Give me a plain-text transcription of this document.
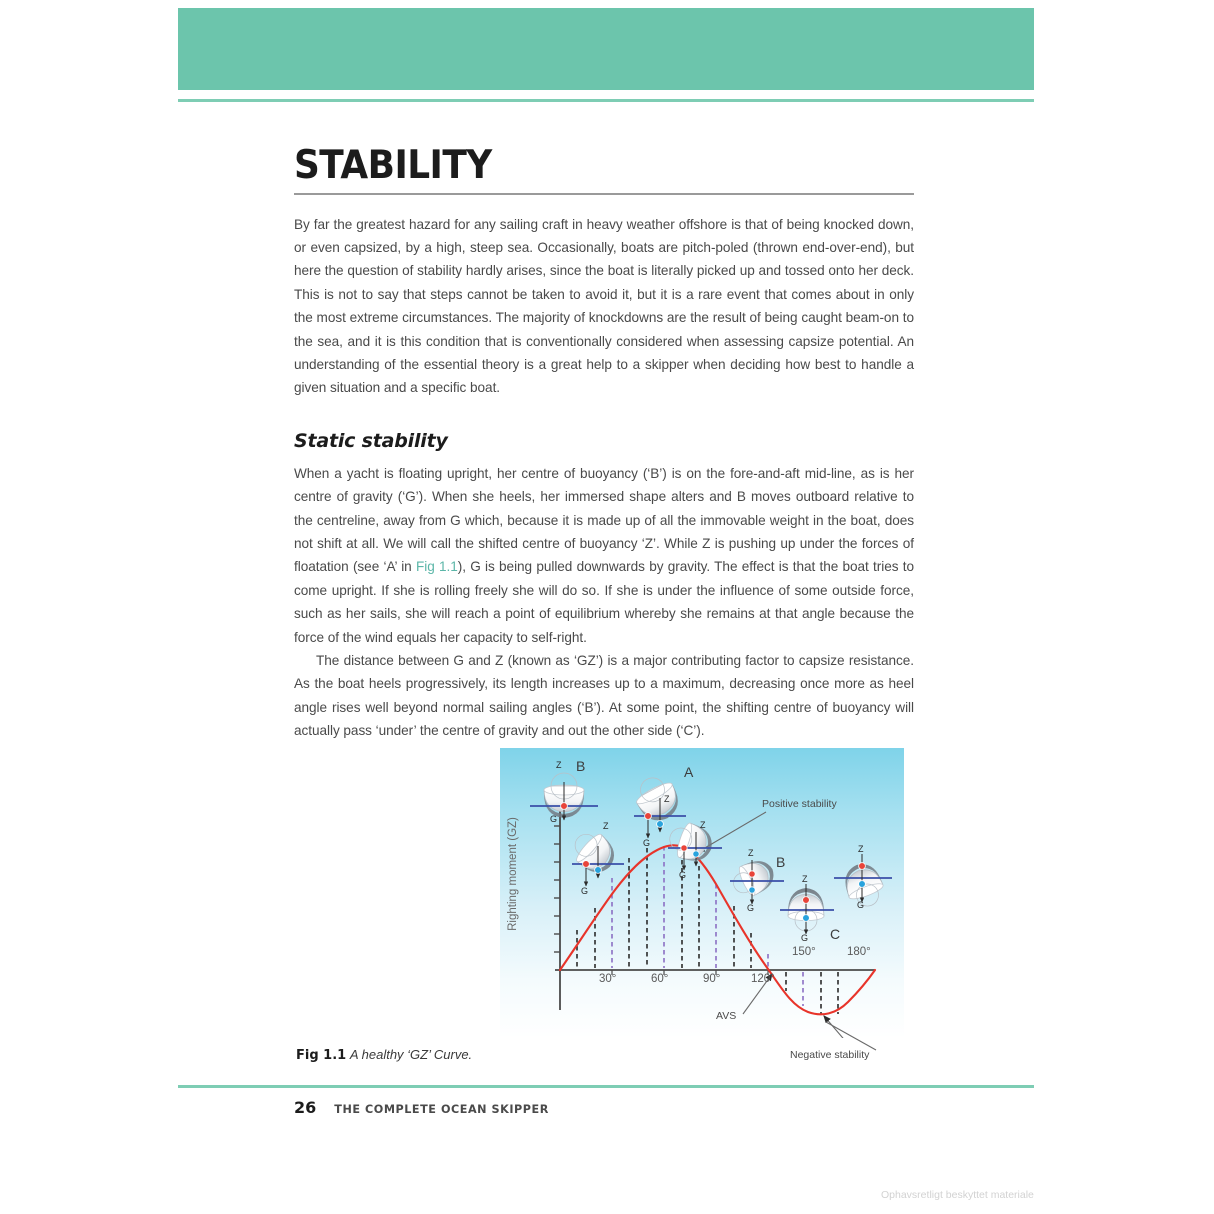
STABILITY

By far the greatest hazard for any sailing craft in heavy weather offshore is that of being knocked down, or even capsized, by a high, steep sea. Occasionally, boats are pitch-poled (thrown end-over-end), but here the question of stability hardly arises, since the boat is literally picked up and tossed onto her deck. This is not to say that steps cannot be taken to avoid it, but it is a rare event that comes about in only the most extreme circumstances. The majority of knockdowns are the result of being caught beam-on to the sea, and it is this condition that is conventionally considered when assessing capsize potential. An understanding of the essential theory is a great help to a skipper when deciding how best to handle a given situation and a specific boat.

Static stability

When a yacht is floating upright, her centre of buoyancy (‘B’) is on the fore-and-aft mid-line, as is her centre of gravity (‘G’). When she heels, her immersed shape alters and B moves outboard relative to the centreline, away from G which, because it is made up of all the immovable weight in the boat, does not shift at all. We will call the shifted centre of buoyancy ‘Z’. While Z is pushing up under the forces of floatation (see ‘A’ in Fig 1.1), G is being pulled downwards by gravity. The effect is that the boat tries to come upright. If she is rolling freely she will do so. If she is under the influence of some outside force, such as her sails, she will reach a point of equilibrium whereby she remains at that angle because the force of the wind equals her capacity to self-right.

The distance between G and Z (known as ‘GZ’) is a major contributing factor to capsize resistance. As the boat heels progressively, its length increases up to a maximum, decreasing once more as heel angle rises well beyond normal sailing angles (‘B’). At some point, the shifting centre of buoyancy will actually pass ‘under’ the centre of gravity and out the other side (‘C’).

B	A
B
C
Z
G
Z
G
Z
G
Z
G
Z
G
Z
G
Z
G
Positive stability
AVS
Righting moment (GZ)
30°	60°	90°	120°
150°	180°
Negative stability
Fig 1.1 A healthy ‘GZ’ Curve.
26 THE COMPLETE OCEAN SKIPPER
Ophavsretligt beskyttet materiale
